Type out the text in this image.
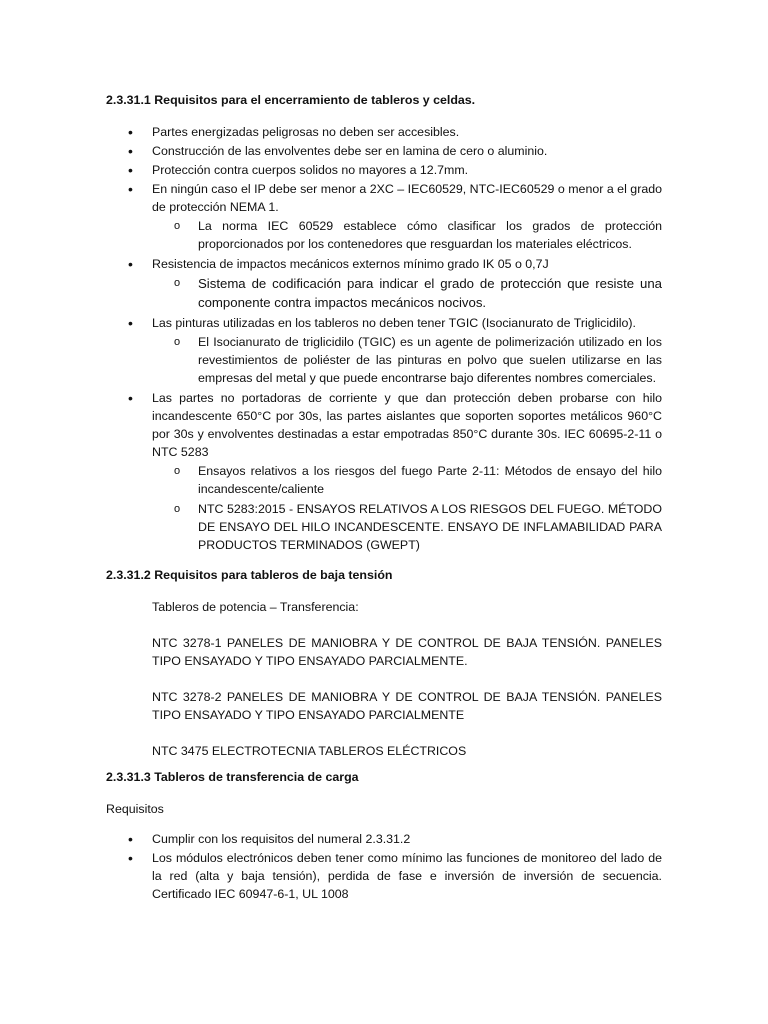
2.3.31.1 Requisitos para el encerramiento de tableros y celdas.
• Partes energizadas peligrosas no deben ser accesibles.
• Construcción de las envolventes debe ser en lamina de cero o aluminio.
• Protección contra cuerpos solidos no mayores a 12.7mm.
• En ningún caso el IP debe ser menor a 2XC – IEC60529, NTC-IEC60529 o menor a el grado de protección NEMA 1.
o La norma IEC 60529 establece cómo clasificar los grados de protección proporcionados por los contenedores que resguardan los materiales eléctricos.
• Resistencia de impactos mecánicos externos mínimo grado IK 05 o 0,7J
o Sistema de codificación para indicar el grado de protección que resiste una componente contra impactos mecánicos nocivos.
• Las pinturas utilizadas en los tableros no deben tener TGIC (Isocianurato de Triglicidilo).
o El Isocianurato de triglicidilo (TGIC) es un agente de polimerización utilizado en los revestimientos de poliéster de las pinturas en polvo que suelen utilizarse en las empresas del metal y que puede encontrarse bajo diferentes nombres comerciales.
• Las partes no portadoras de corriente y que dan protección deben probarse con hilo incandescente 650°C por 30s, las partes aislantes que soporten soportes metálicos 960°C por 30s y envolventes destinadas a estar empotradas 850°C durante 30s. IEC 60695-2-11 o NTC 5283
o Ensayos relativos a los riesgos del fuego Parte 2-11: Métodos de ensayo del hilo incandescente/caliente
o NTC 5283:2015 - ENSAYOS RELATIVOS A LOS RIESGOS DEL FUEGO. MÉTODO DE ENSAYO DEL HILO INCANDESCENTE. ENSAYO DE INFLAMABILIDAD PARA PRODUCTOS TERMINADOS (GWEPT)
2.3.31.2 Requisitos para tableros de baja tensión
Tableros de potencia – Transferencia:
NTC 3278-1 PANELES DE MANIOBRA Y DE CONTROL DE BAJA TENSIÓN. PANELES TIPO ENSAYADO Y TIPO ENSAYADO PARCIALMENTE.
NTC 3278-2 PANELES DE MANIOBRA Y DE CONTROL DE BAJA TENSIÓN. PANELES TIPO ENSAYADO Y TIPO ENSAYADO PARCIALMENTE
NTC 3475 ELECTROTECNIA TABLEROS ELÉCTRICOS
2.3.31.3 Tableros de transferencia de carga
Requisitos
• Cumplir con los requisitos del numeral 2.3.31.2
• Los módulos electrónicos deben tener como mínimo las funciones de monitoreo del lado de la red (alta y baja tensión), perdida de fase e inversión de inversión de secuencia. Certificado IEC 60947-6-1, UL 1008
